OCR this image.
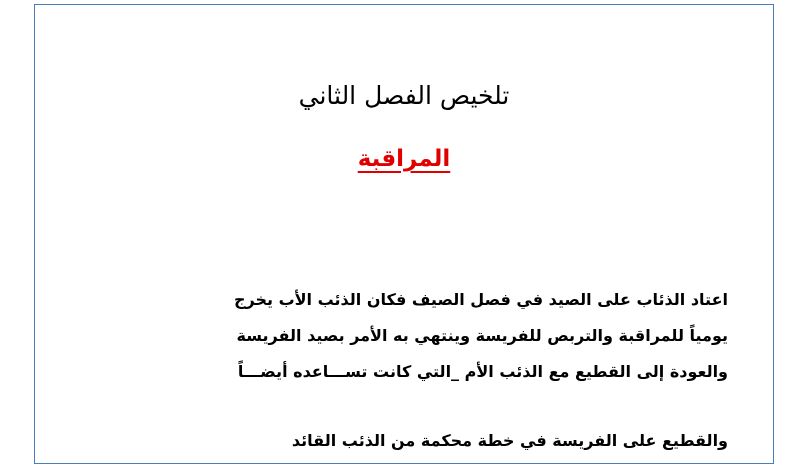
تلخيص الفصل الثاني
المراقبة
اعتاد الذئاب على الصيد في فصل الصيف فكان الذئب الأب يخرج
يومياً للمراقبة والتربص للفريسة وينتهي به الأمر بصيد الفريسة
والعودة إلى القطيع مع الذئب الأم _التي كانت تســـاعده أيضـــاً
والقطيع على الفريسة في خطة محكمة من الذئب القائد
